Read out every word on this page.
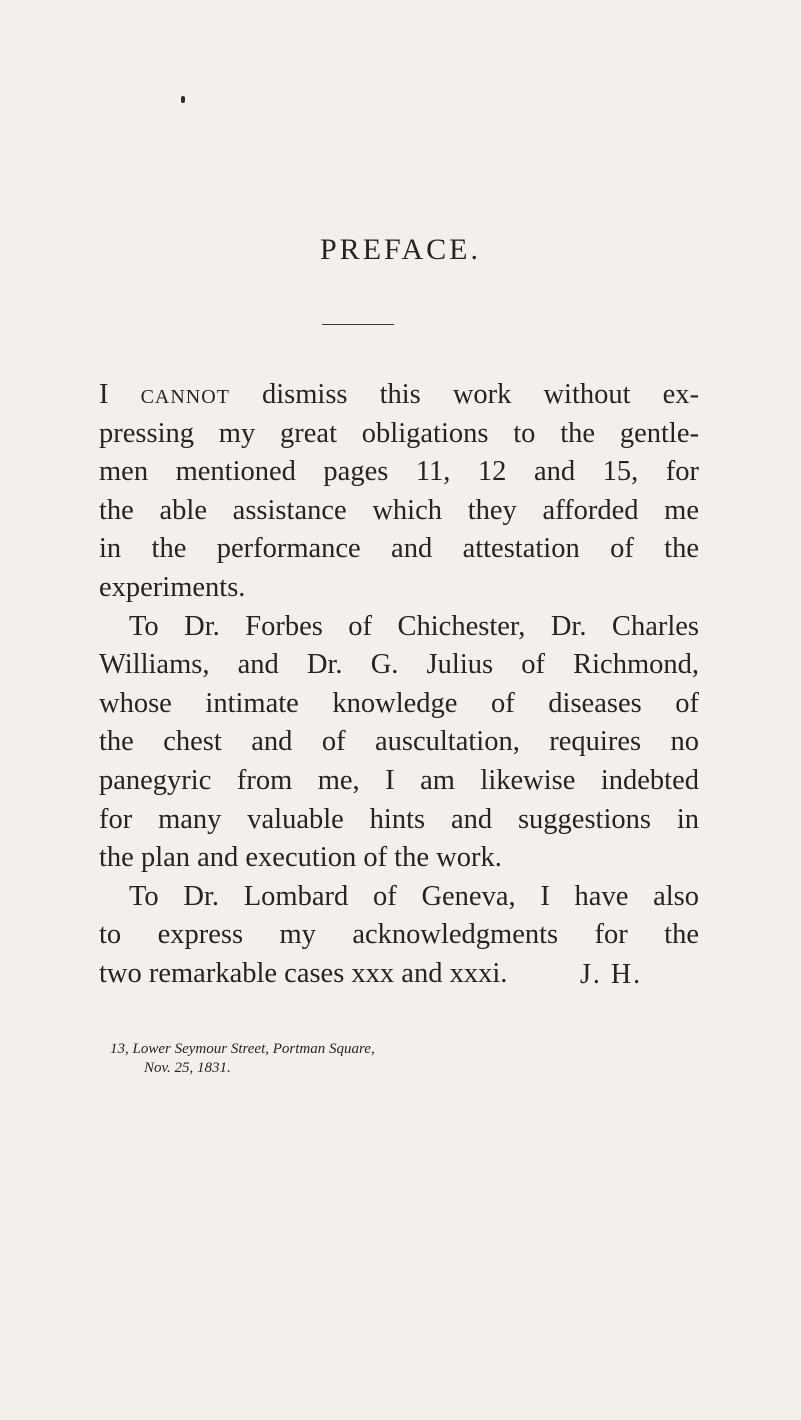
PREFACE.

I cannot dismiss this work without ex-
pressing my great obligations to the gentle-
men mentioned pages 11, 12 and 15, for
the able assistance which they afforded me
in the performance and attestation of the
experiments.

To Dr. Forbes of Chichester, Dr. Charles
Williams, and Dr. G. Julius of Richmond,
whose intimate knowledge of diseases of
the chest and of auscultation, requires no
panegyric from me, I am likewise indebted
for many valuable hints and suggestions in
the plan and execution of the work.

To Dr. Lombard of Geneva, I have also
to express my acknowledgments for the
two remarkable cases xxx and xxxi.	J. H.
13, Lower Seymour Street, Portman Square,
Nov. 25, 1831.
